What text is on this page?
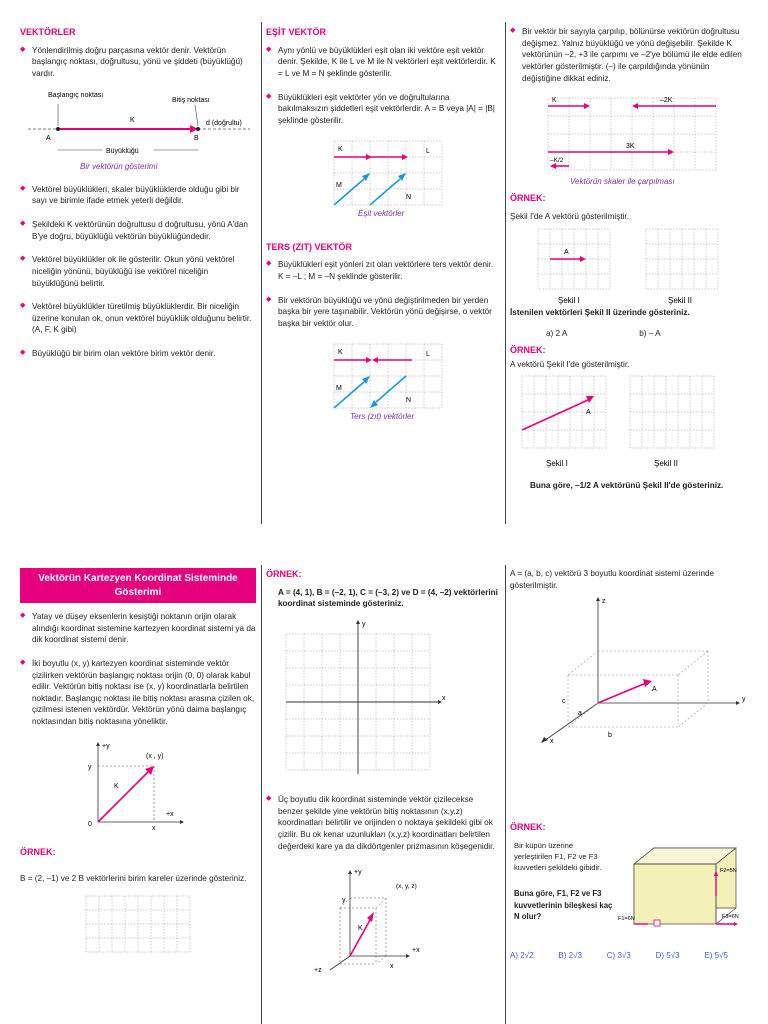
VEKTÖRLER
◆ Yönlendirilmiş doğru parçasına vektör denir. Vektörün başlangıç noktası, doğrultusu, yönü ve şiddeti (büyüklüğü) vardır.
Başlangıç noktası
Bitiş noktası
K
A	B
d (doğrultu)
Büyüklüğü
Bir vektörün gösterimi
◆ Vektörel büyüklükleri, skaler büyüklüklerde olduğu gibi bir sayı ve birimle ifade etmek yeterli değildir.
◆ Şekildeki K vektörünün doğrultusu d doğrultusu, yönü A'dan B'ye doğru, büyüklüğü vektörün büyüklüğündedir.
◆ Vektörel büyüklükler ok ile gösterilir. Okun yönü vektörel niceliğin yönünü, büyüklüğü ise vektörel niceliğin büyüklüğünü belirtir.
◆ Vektörel büyüklükler türetilmiş büyüklüklerdir. Bir niceliğin üzerine konulan ok, onun vektörel büyüklük olduğunu belirtir. (A, F, K gibi)
◆ Büyüklüğü bir birim olan vektöre birim vektör denir.
EŞİT VEKTÖR
◆ Aynı yönlü ve büyüklükleri eşit olan iki vektöre eşit vektör denir. Şekilde, K ile L ve M ile N vektörleri eşit vektörlerdir. K = L ve M = N şeklinde gösterilir.
◆ Büyüklükleri eşit vektörler yön ve doğrultularına bakılmaksızın şiddetleri eşit vektörlerdir. A = B veya |A| = |B| şeklinde gösterilir.
K	L
M
N
Eşit vektörler
TERS (ZIT) VEKTÖR
◆ Büyüklükleri eşit yönleri zıt olan vektörlere ters vektör denir. K = –L ; M = –N şeklinde gösterilir.
◆ Bir vektörün büyüklüğü ve yönü değiştirilmeden bir yerden başka bir yere taşınabilir. Vektörün yönü değişirse, o vektör başka bir vektör olur.
K	L
M
N
Ters (zıt) vektörler
◆ Bir vektör bir sayıyla çarpılıp, bölünürse vektörün doğrultusu değişmez. Yalnız büyüklüğü ve yönü değişebilir. Şekilde K vektörünün –2, +3 ile çarpımı ve –2'ye bölümü ile elde edilen vektörler gösterilmiştir. (–) ile çarpıldığında yönünün değiştiğine dikkat ediniz.
K	–2K
3K
–K/2
Vektörün skaler ile çarpılması
ÖRNEK:
Şekil I'de A vektörü gösterilmiştir.
A
Şekil I	Şekil II
İstenilen vektörleri Şekil II üzerinde gösteriniz.
a) 2 A	b) – A
ÖRNEK:
A vektörü Şekil I'de gösterilmiştir.
A
Şekil I	Şekil II
Buna göre, –1/2 A vektörünü Şekil II'de gösteriniz.
Vektörün Kartezyen Koordinat Sisteminde Gösterimi
◆ Yatay ve düşey eksenlerin kesiştiği noktanın orijin olarak alındığı koordinat sistemine kartezyen koordinat sistemi ya da dik koordinat sistemi denir.
◆ İki boyutlu (x, y) kartezyen koordinat sisteminde vektör çizilirken vektörün başlangıç noktası orijin (0, 0) olarak kabul edilir. Vektörün bitiş noktası ise (x, y) koordinatlarla belirtilen noktadır. Başlangıç noktası ile bitiş noktası arasına çizilen ok, çizilmesi istenen vektördür. Vektörün yönü daima başlangıç noktasından bitiş noktasına yöneliktir.
+y
+x
(x , y)
y
x
0
K
ÖRNEK:
B = (2, –1) ve 2 B vektörlerini birim kareler üzerinde gösteriniz.
ÖRNEK:
A = (4, 1), B = (–2, 1), C = (–3, 2) ve D = (4, –2) vektörlerini koordinat sisteminde gösteriniz.
y
x
◆ Üç boyutlu dik koordinat sisteminde vektör çizilecekse benzer şekilde yine vektörün bitiş noktasının (x,y,z) koordinatları belirtilir ve orijinden o noktaya şekildeki gibi ok çizilir. Bu ok kenar uzunlukları (x,y,z) koordinatları belirtilen değerdeki kare ya da dikdörtgenler prizmasının köşegenidir.
+y
+x
+z
(x, y, z)
y
x
K
A = (a, b, c) vektörü 3 boyutlu koordinat sistemi üzerinde gösterilmiştir.
z
y
x
A
a
b
c
ÖRNEK:
Bir küpün üzerine yerleştirilen F1, F2 ve F3 kuvvetleri şekildeki gibidir.
Buna göre, F1, F2 ve F3 kuvvetlerinin bileşkesi kaç N olur?
F2=5N
F1=6N	F3=6N
A) 2√2	B) 2√3	C) 3√3	D) 5√3	E) 5√5
